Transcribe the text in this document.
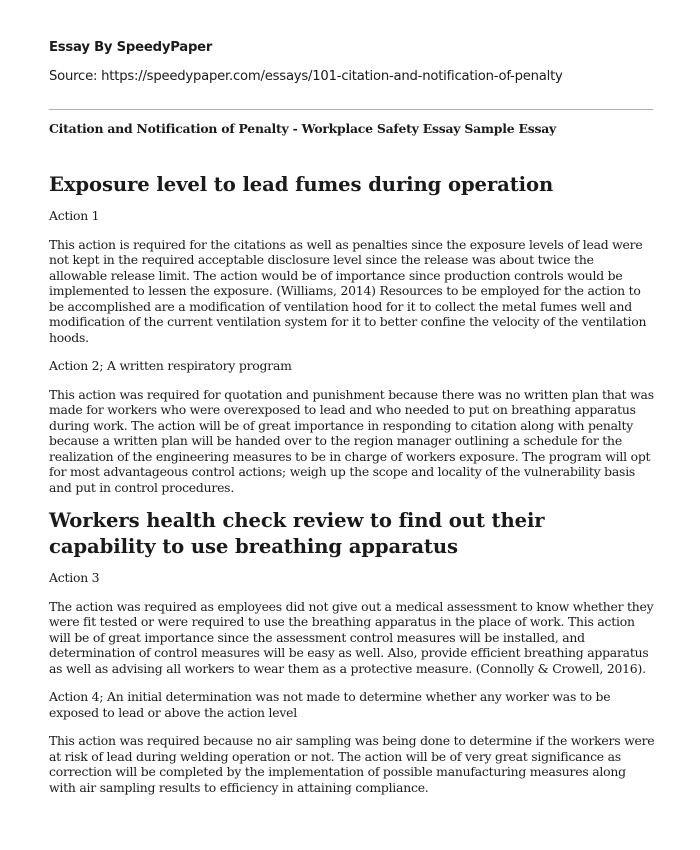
Essay By SpeedyPaper

Source: https://speedypaper.com/essays/101-citation-and-notification-of-penalty

Citation and Notification of Penalty - Workplace Safety Essay Sample Essay

Exposure level to lead fumes during operation

Action 1

This action is required for the citations as well as penalties since the exposure levels of lead were not kept in the required acceptable disclosure level since the release was about twice the allowable release limit. The action would be of importance since production controls would be implemented to lessen the exposure. (Williams, 2014) Resources to be employed for the action to be accomplished are a modification of ventilation hood for it to collect the metal fumes well and modification of the current ventilation system for it to better confine the velocity of the ventilation hoods.

Action 2; A written respiratory program

This action was required for quotation and punishment because there was no written plan that was made for workers who were overexposed to lead and who needed to put on breathing apparatus during work. The action will be of great importance in responding to citation along with penalty because a written plan will be handed over to the region manager outlining a schedule for the realization of the engineering measures to be in charge of workers exposure. The program will opt for most advantageous control actions; weigh up the scope and locality of the vulnerability basis and put in control procedures.

Workers health check review to find out their capability to use breathing apparatus

Action 3

The action was required as employees did not give out a medical assessment to know whether they were fit tested or were required to use the breathing apparatus in the place of work. This action will be of great importance since the assessment control measures will be installed, and determination of control measures will be easy as well. Also, provide efficient breathing apparatus as well as advising all workers to wear them as a protective measure. (Connolly & Crowell, 2016).

Action 4; An initial determination was not made to determine whether any worker was to be exposed to lead or above the action level

This action was required because no air sampling was being done to determine if the workers were at risk of lead during welding operation or not. The action will be of very great significance as correction will be completed by the implementation of possible manufacturing measures along with air sampling results to efficiency in attaining compliance.
